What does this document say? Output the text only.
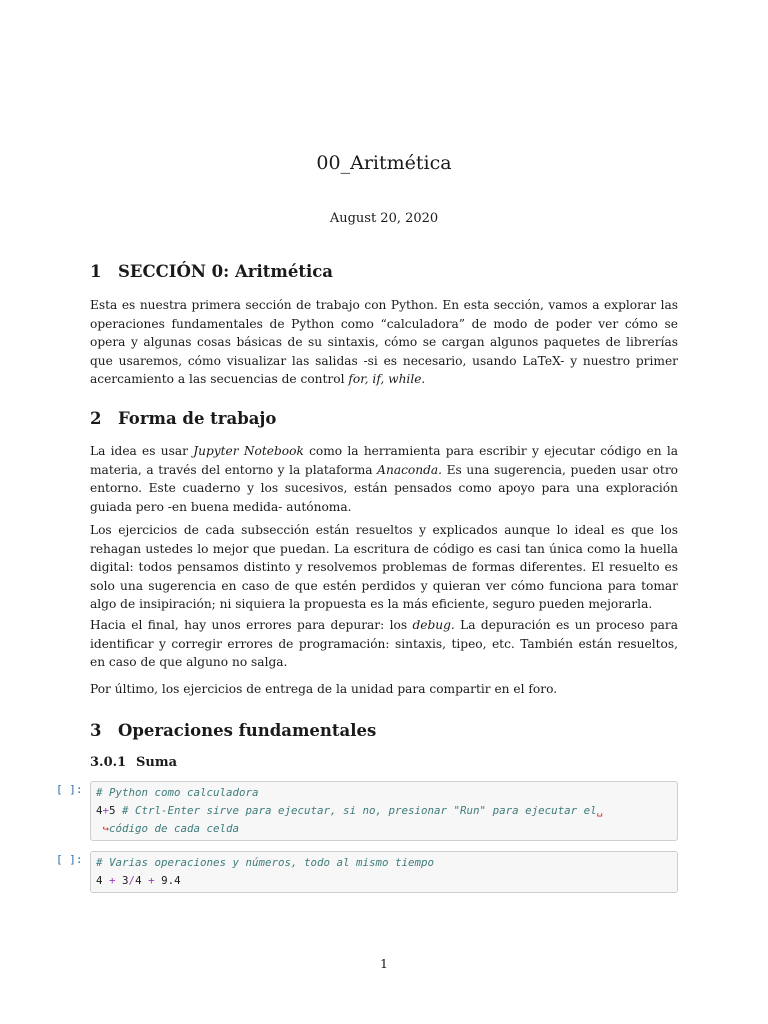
00_Aritmética
August 20, 2020
1 SECCIÓN 0: Aritmética

Esta es nuestra primera sección de trabajo con Python. En esta sección, vamos a explorar las operaciones fundamentales de Python como “calculadora” de modo de poder ver cómo se opera y algunas cosas básicas de su sintaxis, cómo se cargan algunos paquetes de librerías que usaremos, cómo visualizar las salidas -si es necesario, usando LaTeX- y nuestro primer acercamiento a las secuencias de control for, if, while.

2 Forma de trabajo

La idea es usar Jupyter Notebook como la herramienta para escribir y ejecutar código en la materia, a través del entorno y la plataforma Anaconda. Es una sugerencia, pueden usar otro entorno. Este cuaderno y los sucesivos, están pensados como apoyo para una exploración guiada pero -en buena medida- autónoma.

Los ejercicios de cada subsección están resueltos y explicados aunque lo ideal es que los rehagan ustedes lo mejor que puedan. La escritura de código es casi tan única como la huella digital: todos pensamos distinto y resolvemos problemas de formas diferentes. El resuelto es solo una sugerencia en caso de que estén perdidos y quieran ver cómo funciona para tomar algo de insipiración; ni siquiera la propuesta es la más eficiente, seguro pueden mejorarla.

Hacia el final, hay unos errores para depurar: los debug. La depuración es un proceso para identificar y corregir errores de programación: sintaxis, tipeo, etc. También están resueltos, en caso de que alguno no salga.

Por último, los ejercicios de entrega de la unidad para compartir en el foro.

3 Operaciones fundamentales
3.0.1 Suma
[ ]:	# Python como calculadora
4+5 # Ctrl-Enter sirve para ejecutar, si no, presionar "Run" para ejecutar el␣
↪código de cada celda
[ ]:	# Varias operaciones y números, todo al mismo tiempo
4 + 3/4 + 9.4
1
